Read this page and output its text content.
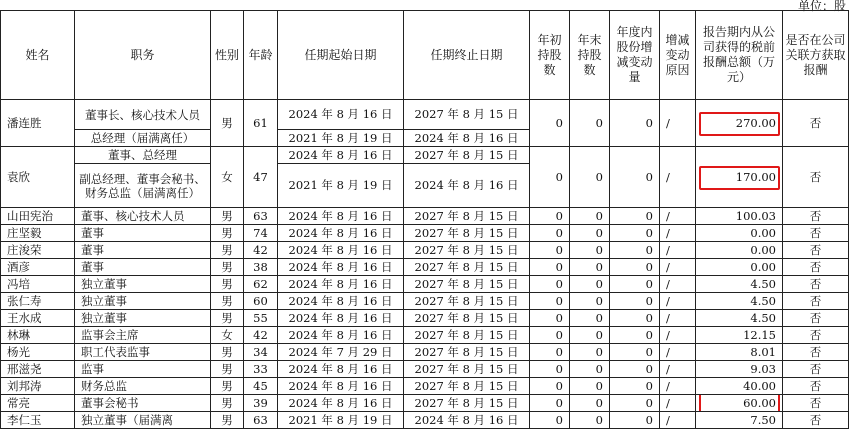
单位：股
姓名	职务	性别	年龄	任期起始日期	任期终止日期	年初持股数	年末持股数	年度内股份增减变动量	增减变动原因	报告期内从公司获得的税前报酬总额（万元）	是否在公司关联方获取报酬
潘连胜	董事长、核心技术人员	男	61	2024 年 8 月 16 日	2027 年 8 月 15 日	0	0	0	/	270.00	否
	总经理（届满离任）			2021 年 8 月 19 日	2024 年 8 月 16 日						
袁欣	董事、总经理	女	47	2024 年 8 月 16 日	2027 年 8 月 15 日	0	0	0	/	170.00	否
	副总经理、董事会秘书、财务总监（届满离任）			2021 年 8 月 19 日	2024 年 8 月 16 日						
山田宪治	董事、核心技术人员	男	63	2024 年 8 月 16 日	2027 年 8 月 15 日	0	0	0	/	100.03	否
庄坚毅	董事	男	74	2024 年 8 月 16 日	2027 年 8 月 15 日	0	0	0	/	0.00	否
庄浚荣	董事	男	42	2024 年 8 月 16 日	2027 年 8 月 15 日	0	0	0	/	0.00	否
酒彦	董事	男	38	2024 年 8 月 16 日	2027 年 8 月 15 日	0	0	0	/	0.00	否
冯培	独立董事	男	62	2024 年 8 月 16 日	2027 年 8 月 15 日	0	0	0	/	4.50	否
张仁寿	独立董事	男	60	2024 年 8 月 16 日	2027 年 8 月 15 日	0	0	0	/	4.50	否
王水成	独立董事	男	55	2024 年 8 月 16 日	2027 年 8 月 15 日	0	0	0	/	4.50	否
林琳	监事会主席	女	42	2024 年 8 月 16 日	2027 年 8 月 15 日	0	0	0	/	12.15	否
杨光	职工代表监事	男	34	2024 年 7 月 29 日	2027 年 8 月 15 日	0	0	0	/	8.01	否
邢滋尧	监事	男	33	2024 年 8 月 16 日	2027 年 8 月 15 日	0	0	0	/	9.03	否
刘邦涛	财务总监	男	45	2024 年 8 月 16 日	2027 年 8 月 15 日	0	0	0	/	40.00	否
常亮	董事会秘书	男	39	2024 年 8 月 16 日	2027 年 8 月 15 日	0	0	0	/	60.00	否
李仁玉	独立董事（届满离	男	63	2021 年 8 月 19 日	2024 年 8 月 16 日	0	0	0	/	7.50	否
